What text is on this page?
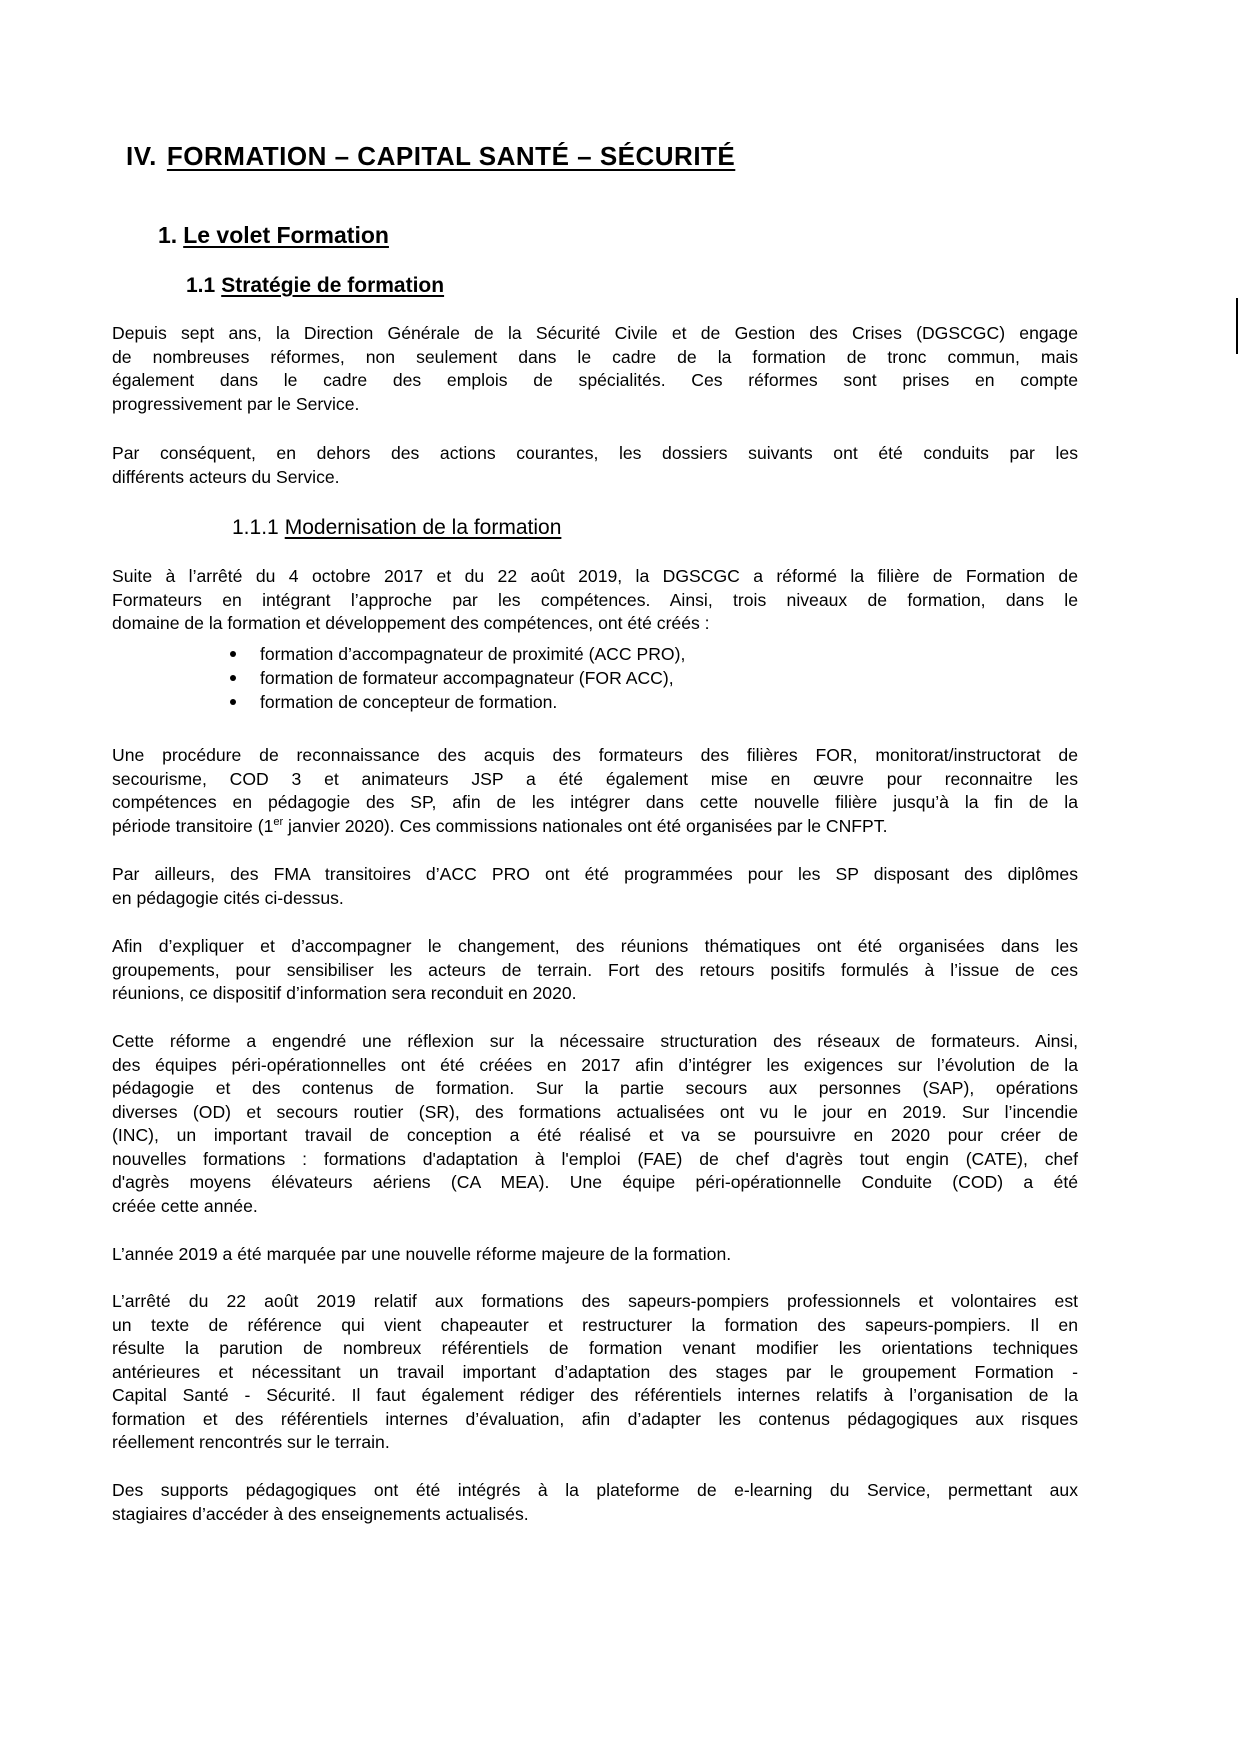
IV. FORMATION – CAPITAL SANTÉ – SÉCURITÉ
1. Le volet Formation
1.1 Stratégie de formation

Depuis sept ans, la Direction Générale de la Sécurité Civile et de Gestion des Crises (DGSCGC) engage
de nombreuses réformes, non seulement dans le cadre de la formation de tronc commun, mais
également dans le cadre des emplois de spécialités. Ces réformes sont prises en compte
progressivement par le Service.

Par conséquent, en dehors des actions courantes, les dossiers suivants ont été conduits par les
différents acteurs du Service.

1.1.1 Modernisation de la formation

Suite à l’arrêté du 4 octobre 2017 et du 22 août 2019, la DGSCGC a réformé la filière de Formation de
Formateurs en intégrant l’approche par les compétences. Ainsi, trois niveaux de formation, dans le
domaine de la formation et développement des compétences, ont été créés :

formation d’accompagnateur de proximité (ACC PRO),
formation de formateur accompagnateur (FOR ACC),
formation de concepteur de formation.

Une procédure de reconnaissance des acquis des formateurs des filières FOR, monitorat/instructorat de
secourisme, COD 3 et animateurs JSP a été également mise en œuvre pour reconnaitre les
compétences en pédagogie des SP, afin de les intégrer dans cette nouvelle filière jusqu’à la fin de la
période transitoire (1er janvier 2020). Ces commissions nationales ont été organisées par le CNFPT.

Par ailleurs, des FMA transitoires d’ACC PRO ont été programmées pour les SP disposant des diplômes
en pédagogie cités ci-dessus.

Afin d’expliquer et d’accompagner le changement, des réunions thématiques ont été organisées dans les
groupements, pour sensibiliser les acteurs de terrain. Fort des retours positifs formulés à l’issue de ces
réunions, ce dispositif d’information sera reconduit en 2020.

Cette réforme a engendré une réflexion sur la nécessaire structuration des réseaux de formateurs. Ainsi,
des équipes péri-opérationnelles ont été créées en 2017 afin d’intégrer les exigences sur l’évolution de la
pédagogie et des contenus de formation. Sur la partie secours aux personnes (SAP), opérations
diverses (OD) et secours routier (SR), des formations actualisées ont vu le jour en 2019. Sur l’incendie
(INC), un important travail de conception a été réalisé et va se poursuivre en 2020 pour créer de
nouvelles formations : formations d'adaptation à l'emploi (FAE) de chef d'agrès tout engin (CATE), chef
d'agrès moyens élévateurs aériens (CA MEA). Une équipe péri-opérationnelle Conduite (COD) a été
créée cette année.

L’année 2019 a été marquée par une nouvelle réforme majeure de la formation.

L’arrêté du 22 août 2019 relatif aux formations des sapeurs-pompiers professionnels et volontaires est
un texte de référence qui vient chapeauter et restructurer la formation des sapeurs-pompiers. Il en
résulte la parution de nombreux référentiels de formation venant modifier les orientations techniques
antérieures et nécessitant un travail important d’adaptation des stages par le groupement Formation -
Capital Santé - Sécurité. Il faut également rédiger des référentiels internes relatifs à l’organisation de la
formation et des référentiels internes d’évaluation, afin d’adapter les contenus pédagogiques aux risques
réellement rencontrés sur le terrain.

Des supports pédagogiques ont été intégrés à la plateforme de e-learning du Service, permettant aux
stagiaires d’accéder à des enseignements actualisés.
